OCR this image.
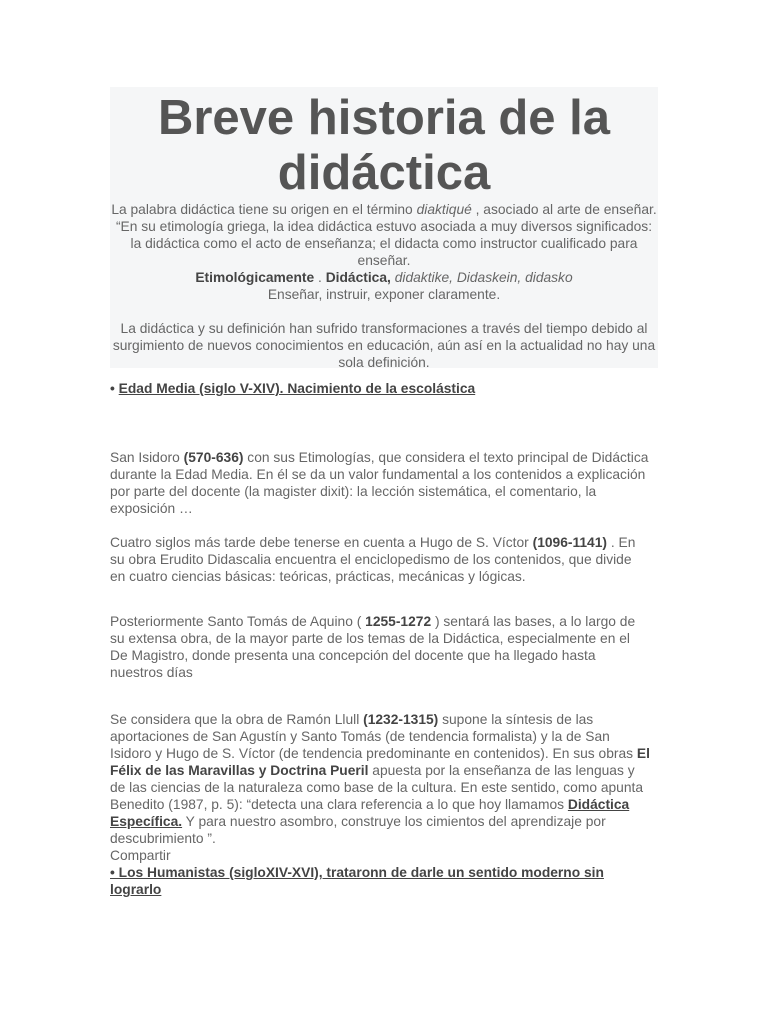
Breve historia de la didáctica

La palabra didáctica tiene su origen en el término diaktiqué , asociado al arte de enseñar. “En su etimología griega, la idea didáctica estuvo asociada a muy diversos significados: la didáctica como el acto de enseñanza; el didacta como instructor cualificado para enseñar.

Etimológicamente . Didáctica, didaktike, Didaskein, didasko

Enseñar, instruir, exponer claramente.

La didáctica y su definición han sufrido transformaciones a través del tiempo debido al surgimiento de nuevos conocimientos en educación, aún así en la actualidad no hay una sola definición.

• Edad Media (siglo V-XIV). Nacimiento de la escolástica

San Isidoro (570-636) con sus Etimologías, que considera el texto principal de Didáctica durante la Edad Media. En él se da un valor fundamental a los contenidos a explicación por parte del docente (la magister dixit): la lección sistemática, el comentario, la exposición …

Cuatro siglos más tarde debe tenerse en cuenta a Hugo de S. Víctor (1096-1141) . En su obra Erudito Didascalia encuentra el enciclopedismo de los contenidos, que divide en cuatro ciencias básicas: teóricas, prácticas, mecánicas y lógicas.

Posteriormente Santo Tomás de Aquino ( 1255-1272 ) sentará las bases, a lo largo de su extensa obra, de la mayor parte de los temas de la Didáctica, especialmente en el De Magistro, donde presenta una concepción del docente que ha llegado hasta nuestros días

Se considera que la obra de Ramón Llull (1232-1315) supone la síntesis de las aportaciones de San Agustín y Santo Tomás (de tendencia formalista) y la de San Isidoro y Hugo de S. Víctor (de tendencia predominante en contenidos). En sus obras El Félix de las Maravillas y Doctrina Pueril apuesta por la enseñanza de las lenguas y de las ciencias de la naturaleza como base de la cultura. En este sentido, como apunta Benedito (1987, p. 5): “detecta una clara referencia a lo que hoy llamamos Didáctica Específica. Y para nuestro asombro, construye los cimientos del aprendizaje por descubrimiento ”.

Compartir

• Los Humanistas (sigloXIV-XVI), trataronn de darle un sentido moderno sin lograrlo
